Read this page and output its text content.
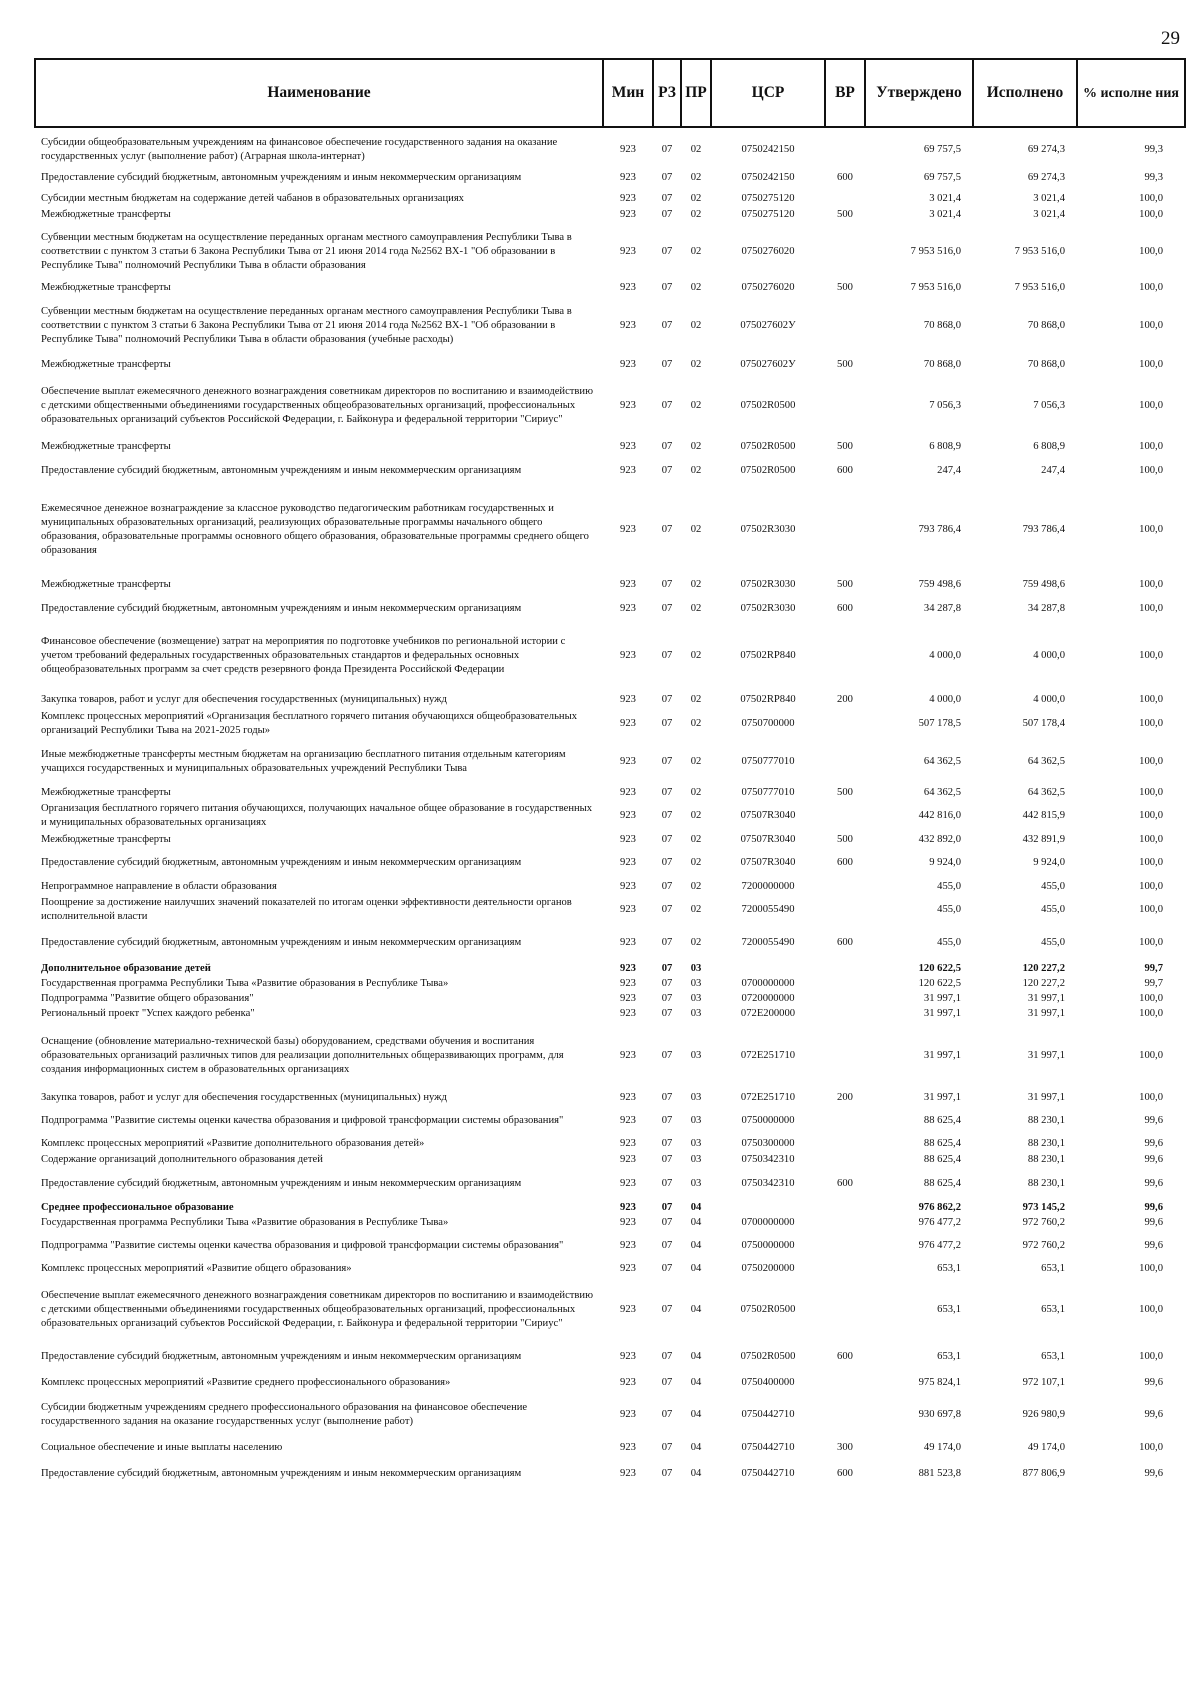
29
Наименование	Мин	РЗ	ПР	ЦСР	ВР	Утверждено	Исполнено	% исполне ния
Субсидии общеобразовательным учреждениям на финансовое обеспечение государственного задания на оказание государственных услуг (выполнение работ) (Аграрная школа-интернат)	923	07	02	0750242150		69 757,5	69 274,3	99,3
Предоставление субсидий бюджетным, автономным учреждениям и иным некоммерческим организациям	923	07	02	0750242150	600	69 757,5	69 274,3	99,3
Субсидии местным бюджетам на содержание детей чабанов в образовательных организациях	923	07	02	0750275120		3 021,4	3 021,4	100,0
Межбюджетные трансферты	923	07	02	0750275120	500	3 021,4	3 021,4	100,0
Субвенции местным бюджетам на осуществление переданных органам местного самоуправления Республики Тыва в соответствии с пунктом 3 статьи 6 Закона Республики Тыва от 21 июня 2014 года №2562 ВХ-1 "Об образовании в Республике Тыва" полномочий Республики Тыва в области образования	923	07	02	0750276020		7 953 516,0	7 953 516,0	100,0
Межбюджетные трансферты	923	07	02	0750276020	500	7 953 516,0	7 953 516,0	100,0
Субвенции местным бюджетам на осуществление переданных органам местного самоуправления Республики Тыва в соответствии с пунктом 3 статьи 6 Закона Республики Тыва от 21 июня 2014 года №2562 ВХ-1 "Об образовании в Республике Тыва" полномочий Республики Тыва в области образования (учебные расходы)	923	07	02	075027602У		70 868,0	70 868,0	100,0
Межбюджетные трансферты	923	07	02	075027602У	500	70 868,0	70 868,0	100,0
Обеспечение выплат ежемесячного денежного вознаграждения советникам директоров по воспитанию и взаимодействию с детскими общественными объединениями государственных общеобразовательных организаций, профессиональных образовательных организаций субъектов Российской Федерации, г. Байконура и федеральной территории "Сириус"	923	07	02	07502R0500		7 056,3	7 056,3	100,0
Межбюджетные трансферты	923	07	02	07502R0500	500	6 808,9	6 808,9	100,0
Предоставление субсидий бюджетным, автономным учреждениям и иным некоммерческим организациям	923	07	02	07502R0500	600	247,4	247,4	100,0
Ежемесячное денежное вознаграждение за классное руководство педагогическим работникам государственных и муниципальных образовательных организаций, реализующих образовательные программы начального общего образования, образовательные программы основного общего образования, образовательные программы среднего общего образования	923	07	02	07502R3030		793 786,4	793 786,4	100,0
Межбюджетные трансферты	923	07	02	07502R3030	500	759 498,6	759 498,6	100,0
Предоставление субсидий бюджетным, автономным учреждениям и иным некоммерческим организациям	923	07	02	07502R3030	600	34 287,8	34 287,8	100,0
Финансовое обеспечение (возмещение) затрат на мероприятия по подготовке учебников по региональной истории с учетом требований федеральных государственных образовательных стандартов и федеральных основных общеобразовательных программ за счет средств резервного фонда Президента Российской Федерации	923	07	02	07502RP840		4 000,0	4 000,0	100,0
Закупка товаров, работ и услуг для обеспечения государственных (муниципальных) нужд	923	07	02	07502RP840	200	4 000,0	4 000,0	100,0
Комплекс процессных мероприятий «Организация бесплатного горячего питания обучающихся общеобразовательных организаций Республики Тыва на 2021-2025 годы»	923	07	02	0750700000		507 178,5	507 178,4	100,0
Иные межбюджетные трансферты местным бюджетам на организацию бесплатного питания отдельным категориям учащихся государственных и муниципальных образовательных учреждений Республики Тыва	923	07	02	0750777010		64 362,5	64 362,5	100,0
Межбюджетные трансферты	923	07	02	0750777010	500	64 362,5	64 362,5	100,0
Организация бесплатного горячего питания обучающихся, получающих начальное общее образование в государственных и муниципальных образовательных организациях	923	07	02	07507R3040		442 816,0	442 815,9	100,0
Межбюджетные трансферты	923	07	02	07507R3040	500	432 892,0	432 891,9	100,0
Предоставление субсидий бюджетным, автономным учреждениям и иным некоммерческим организациям	923	07	02	07507R3040	600	9 924,0	9 924,0	100,0
Непрограммное направление в области образования	923	07	02	7200000000		455,0	455,0	100,0
Поощрение за достижение наилучших значений показателей по итогам оценки эффективности деятельности органов исполнительной власти	923	07	02	7200055490		455,0	455,0	100,0
Предоставление субсидий бюджетным, автономным учреждениям и иным некоммерческим организациям	923	07	02	7200055490	600	455,0	455,0	100,0
Дополнительное образование детей	923	07	03			120 622,5	120 227,2	99,7
Государственная программа Республики Тыва «Развитие образования в Республике Тыва»	923	07	03	0700000000		120 622,5	120 227,2	99,7
Подпрограмма "Развитие общего образования"	923	07	03	0720000000		31 997,1	31 997,1	100,0
Региональный проект "Успех каждого ребенка"	923	07	03	072E200000		31 997,1	31 997,1	100,0
Оснащение (обновление материально-технической базы) оборудованием, средствами обучения и воспитания образовательных организаций различных типов для реализации дополнительных общеразвивающих программ, для создания информационных систем в образовательных организациях	923	07	03	072E251710		31 997,1	31 997,1	100,0
Закупка товаров, работ и услуг для обеспечения государственных (муниципальных) нужд	923	07	03	072E251710	200	31 997,1	31 997,1	100,0
Подпрограмма "Развитие системы оценки качества образования и цифровой трансформации системы образования"	923	07	03	0750000000		88 625,4	88 230,1	99,6
Комплекс процессных мероприятий «Развитие дополнительного образования детей»	923	07	03	0750300000		88 625,4	88 230,1	99,6
Содержание организаций дополнительного образования детей	923	07	03	0750342310		88 625,4	88 230,1	99,6
Предоставление субсидий бюджетным, автономным учреждениям и иным некоммерческим организациям	923	07	03	0750342310	600	88 625,4	88 230,1	99,6
Среднее профессиональное образование	923	07	04			976 862,2	973 145,2	99,6
Государственная программа Республики Тыва «Развитие образования в Республике Тыва»	923	07	04	0700000000		976 477,2	972 760,2	99,6
Подпрограмма "Развитие системы оценки качества образования и цифровой трансформации системы образования"	923	07	04	0750000000		976 477,2	972 760,2	99,6
Комплекс процессных мероприятий «Развитие общего образования»	923	07	04	0750200000		653,1	653,1	100,0
Обеспечение выплат ежемесячного денежного вознаграждения советникам директоров по воспитанию и взаимодействию с детскими общественными объединениями государственных общеобразовательных организаций, профессиональных образовательных организаций субъектов Российской Федерации, г. Байконура и федеральной территории "Сириус"	923	07	04	07502R0500		653,1	653,1	100,0
Предоставление субсидий бюджетным, автономным учреждениям и иным некоммерческим организациям	923	07	04	07502R0500	600	653,1	653,1	100,0
Комплекс процессных мероприятий «Развитие среднего профессионального образования»	923	07	04	0750400000		975 824,1	972 107,1	99,6
Субсидии бюджетным учреждениям среднего профессионального образования на финансовое обеспечение государственного задания на оказание государственных услуг (выполнение работ)	923	07	04	0750442710		930 697,8	926 980,9	99,6
Социальное обеспечение и иные выплаты населению	923	07	04	0750442710	300	49 174,0	49 174,0	100,0
Предоставление субсидий бюджетным, автономным учреждениям и иным некоммерческим организациям	923	07	04	0750442710	600	881 523,8	877 806,9	99,6
